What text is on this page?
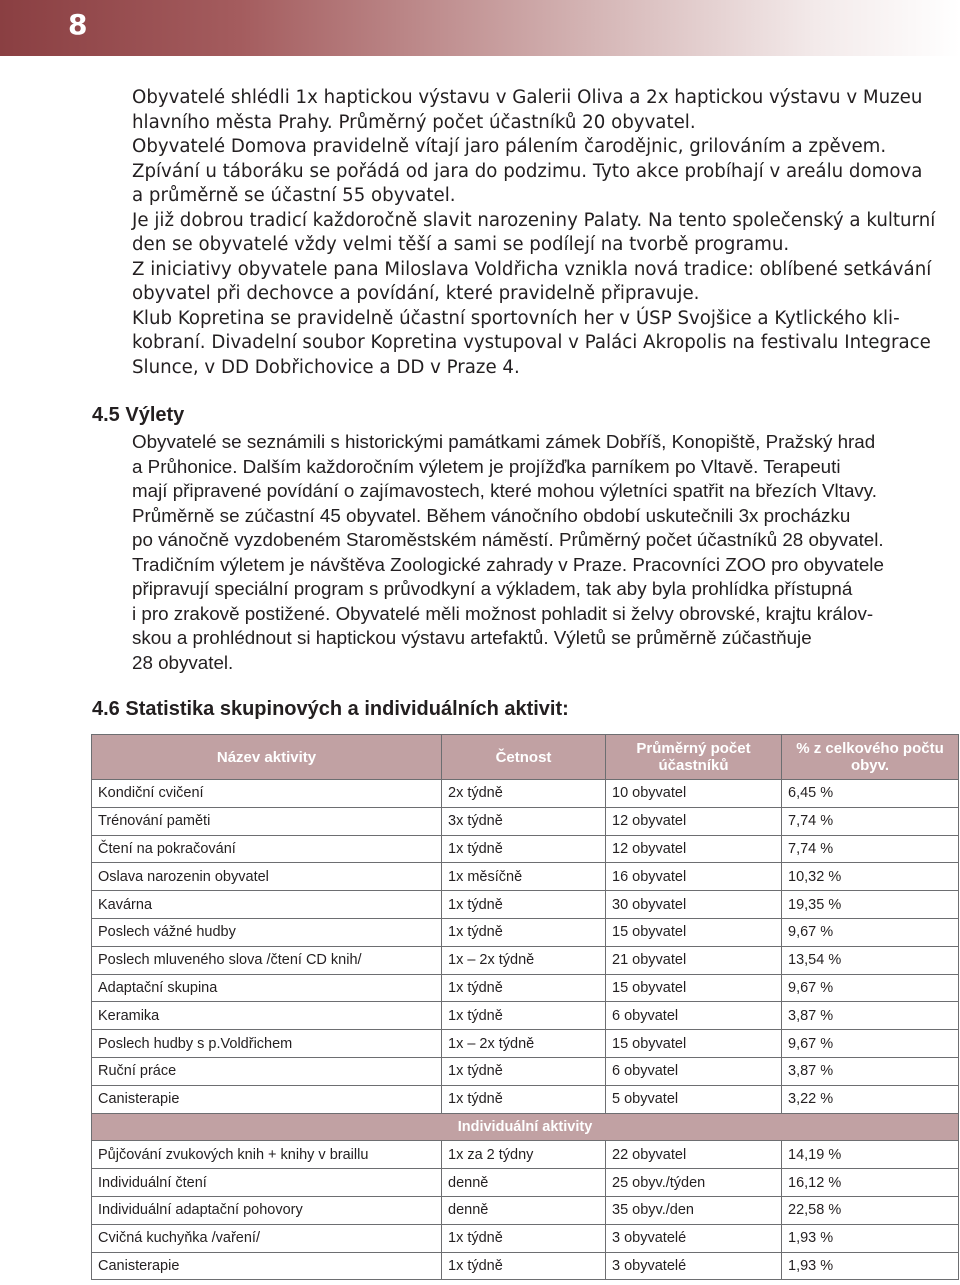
8

Obyvatelé shlédli 1x haptickou výstavu v Galerii Oliva a 2x haptickou výstavu v Muzeu

hlavního města Prahy. Průměrný počet účastníků 20 obyvatel.

Obyvatelé Domova pravidelně vítají jaro pálením čarodějnic, grilováním a zpěvem.

Zpívání u táboráku se pořádá od jara do podzimu. Tyto akce probíhají v areálu domova

a průměrně se účastní 55 obyvatel.

Je již dobrou tradicí každoročně slavit narozeniny Palaty. Na tento společenský a kulturní

den se obyvatelé vždy velmi těší a sami se podílejí na tvorbě programu.

Z iniciativy obyvatele pana Miloslava Voldřicha vznikla nová tradice: oblíbené setkávání

obyvatel při dechovce a povídání, které pravidelně připravuje.

Klub Kopretina se pravidelně účastní sportovních her v ÚSP Svojšice a Kytlického kli-

kobraní. Divadelní soubor Kopretina vystupoval v Paláci Akropolis na festivalu Integrace

Slunce, v DD Dobřichovice a DD v Praze 4.

4.5 Výlety

Obyvatelé se seznámili s historickými památkami zámek Dobříš, Konopiště, Pražský hrad

a Průhonice. Dalším každoročním výletem je projížďka parníkem po Vltavě. Terapeuti

mají připravené povídání o zajímavostech, které mohou výletníci spatřit na březích Vltavy.

Průměrně se zúčastní 45 obyvatel. Během vánočního období uskutečnili 3x procházku

po vánočně vyzdobeném Staroměstském náměstí. Průměrný počet účastníků 28 obyvatel.

Tradičním výletem je návštěva Zoologické zahrady v Praze. Pracovníci ZOO pro obyvatele

připravují speciální program s průvodkyní a výkladem, tak aby byla prohlídka přístupná

i pro zrakově postižené. Obyvatelé měli možnost pohladit si želvy obrovské, krajtu králov-

skou a prohlédnout si haptickou výstavu artefaktů. Výletů se průměrně zúčastňuje

28 obyvatel.

4.6 Statistika skupinových a individuálních aktivit:
Název aktivity	Četnost	Průměrný počet účastníků	% z celkového počtu obyv.
Kondiční cvičení	2x týdně	10 obyvatel	6,45 %
Trénování paměti	3x týdně	12 obyvatel	7,74 %
Čtení na pokračování	1x týdně	12 obyvatel	7,74 %
Oslava narozenin obyvatel	1x měsíčně	16 obyvatel	10,32 %
Kavárna	1x týdně	30 obyvatel	19,35 %
Poslech vážné hudby	1x týdně	15 obyvatel	9,67 %
Poslech mluveného slova /čtení CD knih/	1x – 2x týdně	21 obyvatel	13,54 %
Adaptační skupina	1x týdně	15 obyvatel	9,67 %
Keramika	1x týdně	6 obyvatel	3,87 %
Poslech hudby s p.Voldřichem	1x – 2x týdně	15 obyvatel	9,67 %
Ruční práce	1x týdně	6 obyvatel	3,87 %
Canisterapie	1x týdně	5 obyvatel	3,22 %
Individuální aktivity			
Půjčování zvukových knih + knihy v braillu	1x za 2 týdny	22 obyvatel	14,19 %
Individuální čtení	denně	25 obyv./týden	16,12 %
Individuální adaptační pohovory	denně	35 obyv./den	22,58 %
Cvičná kuchyňka /vaření/	1x týdně	3 obyvatelé	1,93 %
Canisterapie	1x týdně	3 obyvatelé	1,93 %
